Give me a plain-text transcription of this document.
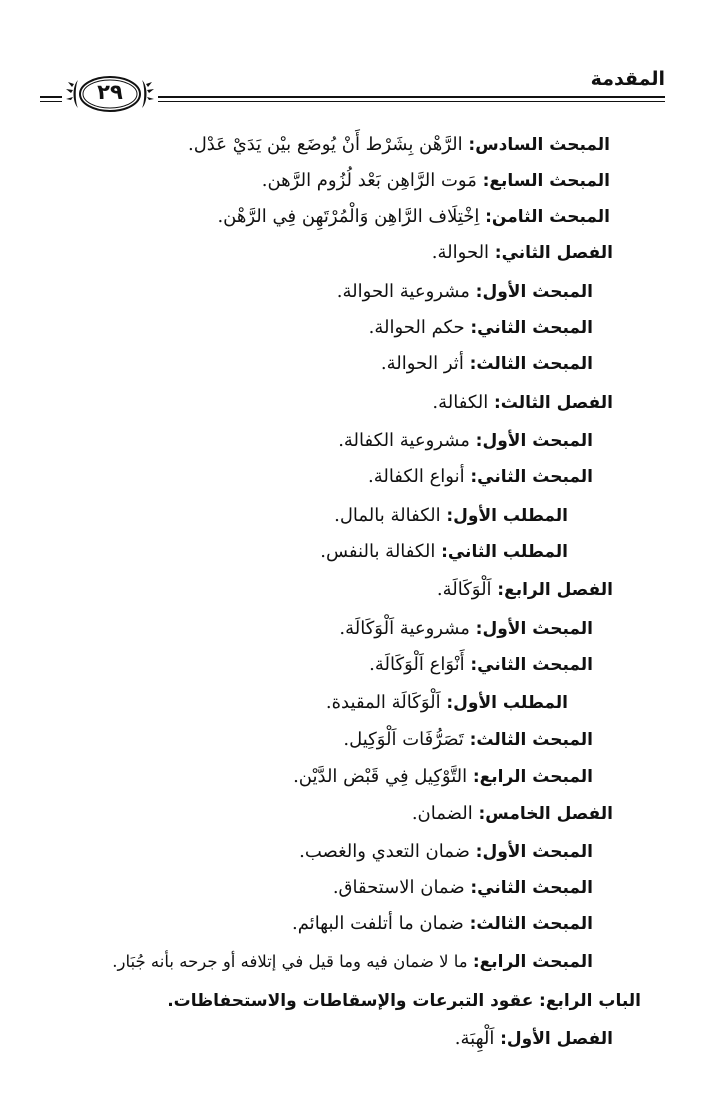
المقدمة
٢٩
المبحث السادس: الرَّهْن بِشَرْط أَنْ يُوضَع بيْن يَدَيْ عَدْل.
المبحث السابع: مَوت الرَّاهِن بَعْد لُزُوم الرَّهن.
المبحث الثامن: اِخْتِلَاف الرَّاهِن وَالْمُرْتَهِن فِي الرَّهْن.
الفصل الثاني: الحوالة.
المبحث الأول: مشروعية الحوالة.
المبحث الثاني: حكم الحوالة.
المبحث الثالث: أثر الحوالة.
الفصل الثالث: الكفالة.
المبحث الأول: مشروعية الكفالة.
المبحث الثاني: أنواع الكفالة.
المطلب الأول: الكفالة بالمال.
المطلب الثاني: الكفالة بالنفس.
الفصل الرابع: اَلْوَكَالَة.
المبحث الأول: مشروعية اَلْوَكَالَة.
المبحث الثاني: أَنْوَاع اَلْوَكَالَة.
المطلب الأول: اَلْوَكَالَة المقيدة.
المبحث الثالث: تَصَرُّفَات اَلْوَكِيل.
المبحث الرابع: التَّوْكِيل فِي قَبْض الدَّيْن.
الفصل الخامس: الضمان.
المبحث الأول: ضمان التعدي والغصب.
المبحث الثاني: ضمان الاستحقاق.
المبحث الثالث: ضمان ما أتلفت البهائم.
المبحث الرابع: ما لا ضمان فيه وما قيل في إتلافه أو جرحه بأنه جُبَار.
الباب الرابع: عقود التبرعات والإسقاطات والاستحفاظات.
الفصل الأول: اَلْهِبَة.
